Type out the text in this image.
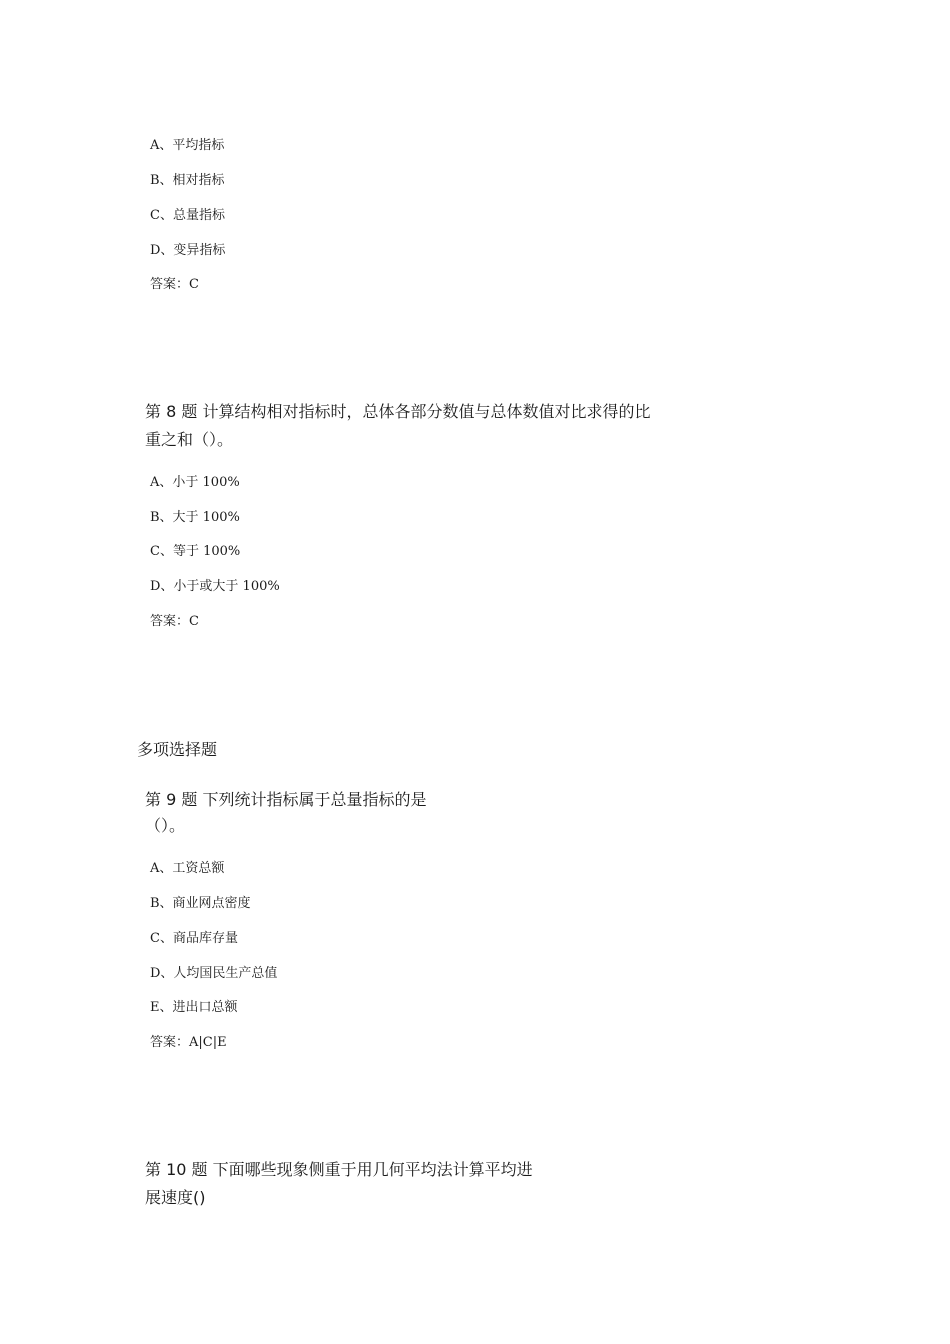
A、平均指标
B、相对指标
C、总量指标
D、变异指标
答案：C
第 8 题 计算结构相对指标时，总体各部分数值与总体数值对比求得的比
重之和（）。
A、小于 100%
B、大于 100%
C、等于 100%
D、小于或大于 100%
答案：C
多项选择题
第 9 题 下列统计指标属于总量指标的是
（）。
A、工资总额
B、商业网点密度
C、商品库存量
D、人均国民生产总值
E、进出口总额
答案：A|C|E
第 10 题 下面哪些现象侧重于用几何平均法计算平均进
展速度()
